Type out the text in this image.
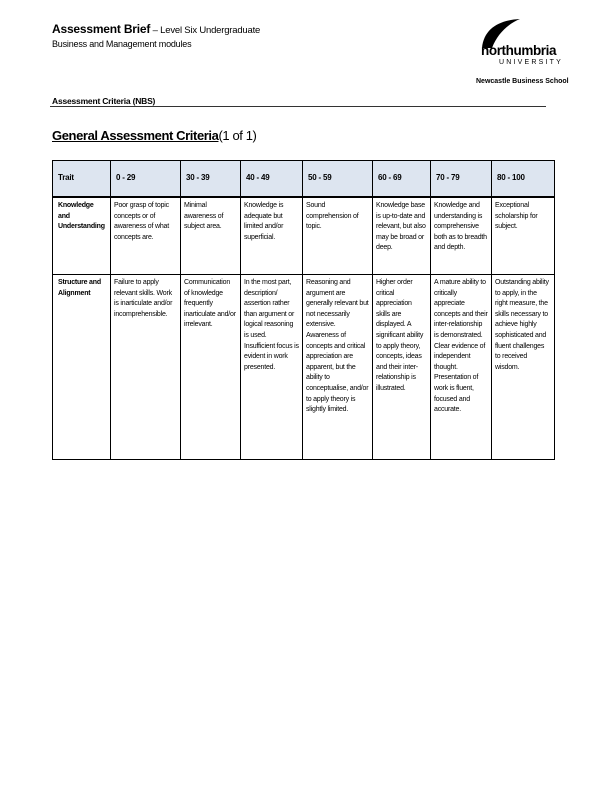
Assessment Brief – Level Six Undergraduate
Business and Management modules	northumbria
UNIVERSITY
Newcastle Business School
Assessment Criteria (NBS)
General Assessment Criteria(1 of 1)
Trait	0 - 29	30 - 39	40 - 49	50 - 59	60 - 69	70 - 79	80 - 100
Knowledge and Understanding	Poor grasp of topic concepts or of awareness of what concepts are.	Minimal awareness of subject area.	Knowledge is adequate but limited and/or superficial.	Sound comprehension of topic.	Knowledge base is up-to-date and relevant, but also may be broad or deep.	Knowledge and understanding is comprehensive both as to breadth and depth.	Exceptional scholarship for subject.
Structure and Alignment	Failure to apply relevant skills. Work is inarticulate and/or incomprehensible.	Communication of knowledge frequently inarticulate and/or irrelevant.	In the most part, description/ assertion rather than argument or logical reasoning is used. Insufficient focus is evident in work presented.	Reasoning and argument are generally relevant but not necessarily extensive. Awareness of concepts and critical appreciation are apparent, but the ability to conceptualise, and/or to apply theory is slightly limited.	Higher order critical appreciation skills are displayed. A significant ability to apply theory, concepts, ideas and their inter-relationship is illustrated.	A mature ability to critically appreciate concepts and their inter-relationship is demonstrated. Clear evidence of independent thought. Presentation of work is fluent, focused and accurate.	Outstanding ability to apply, in the right measure, the skills necessary to achieve highly sophisticated and fluent challenges to received wisdom.
